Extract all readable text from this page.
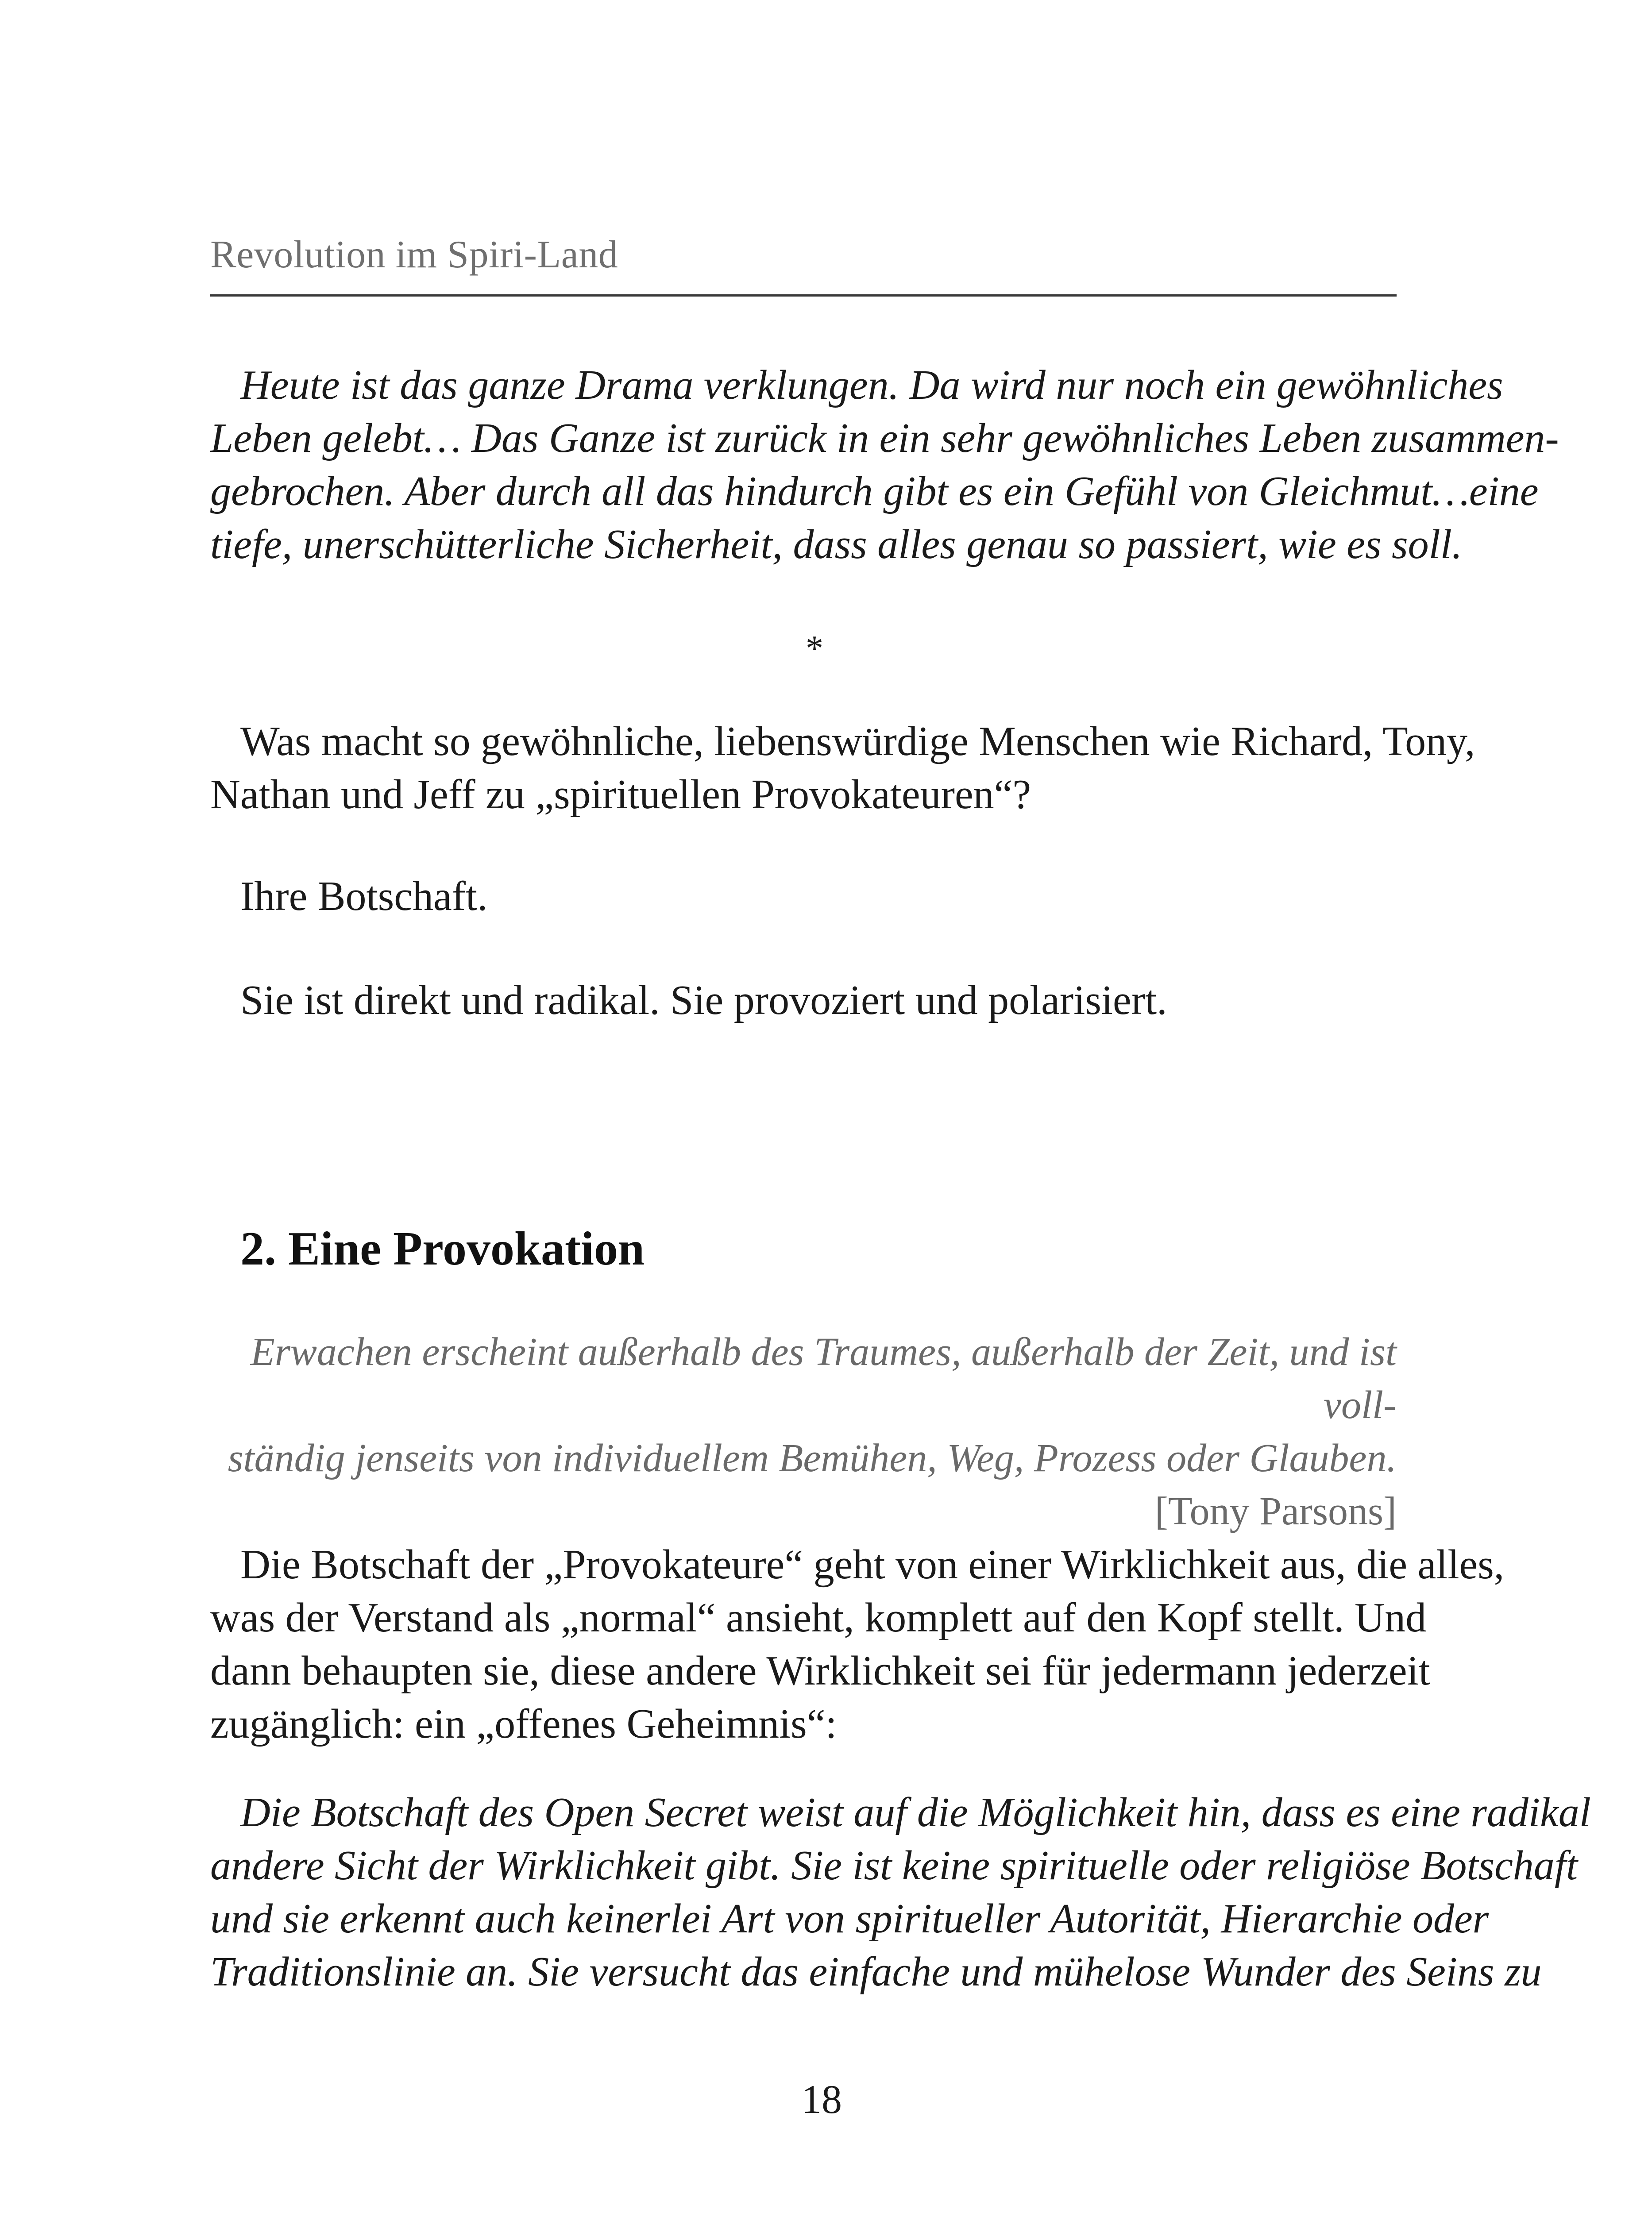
Revolution im Spiri-Land
Heute ist das ganze Drama verklungen. Da wird nur noch ein gewöhnliches
Leben gelebt… Das Ganze ist zurück in ein sehr gewöhnliches Leben zusammen-
gebrochen. Aber durch all das hindurch gibt es ein Gefühl von Gleichmut…eine
tiefe, unerschütterliche Sicherheit, dass alles genau so passiert, wie es soll.
*
Was macht so gewöhnliche, liebenswürdige Menschen wie Richard, Tony,
Nathan und Jeff zu „spirituellen Provokateuren“?
Ihre Botschaft.
Sie ist direkt und radikal. Sie provoziert und polarisiert.
2. Eine Provokation
Erwachen erscheint außerhalb des Traumes, außerhalb der Zeit, und ist voll-
ständig jenseits von individuellem Bemühen, Weg, Prozess oder Glauben.
[Tony Parsons]
Die Botschaft der „Provokateure“ geht von einer Wirklichkeit aus, die alles,
was der Verstand als „normal“ ansieht, komplett auf den Kopf stellt. Und
dann behaupten sie, diese andere Wirklichkeit sei für jedermann jederzeit
zugänglich: ein „offenes Geheimnis“:
Die Botschaft des Open Secret weist auf die Möglichkeit hin, dass es eine radikal
andere Sicht der Wirklichkeit gibt. Sie ist keine spirituelle oder religiöse Botschaft
und sie erkennt auch keinerlei Art von spiritueller Autorität, Hierarchie oder
Traditionslinie an. Sie versucht das einfache und mühelose Wunder des Seins zu
18
